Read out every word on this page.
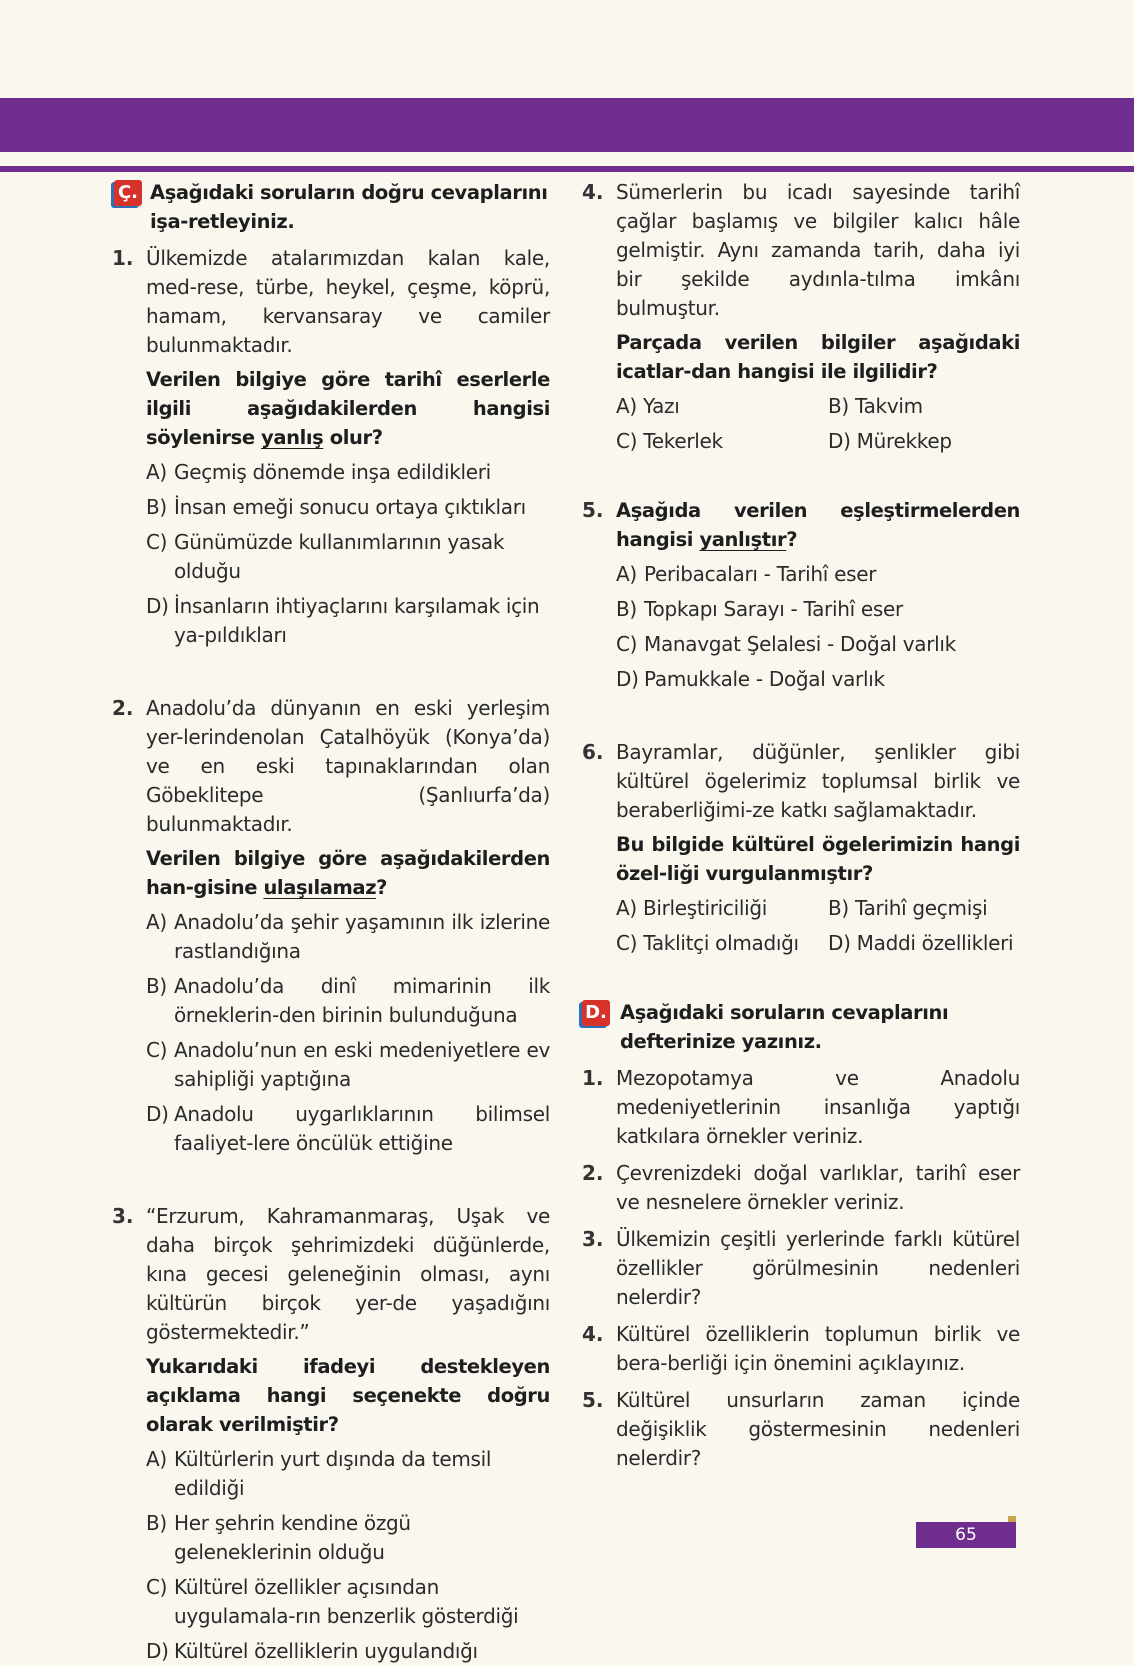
Ç. Aşağıdaki soruların doğru cevaplarını işa-retleyiniz.

1. Ülkemizde atalarımızdan kalan kale, med-rese, türbe, heykel, çeşme, köprü, hamam, kervansaray ve camiler bulunmaktadır.

Verilen bilgiye göre tarihî eserlerle ilgili aşağıdakilerden hangisi söylenirse yanlış olur?

A) Geçmiş dönemde inşa edildikleri
B) İnsan emeği sonucu ortaya çıktıkları
C) Günümüzde kullanımlarının yasak olduğu
D) İnsanların ihtiyaçlarını karşılamak için ya-pıldıkları
2. Anadolu’da dünyanın en eski yerleşim yer-lerindenolan Çatalhöyük (Konya’da) ve en eski tapınaklarından olan Göbeklitepe (Şanlıurfa’da) bulunmaktadır.

Verilen bilgiye göre aşağıdakilerden han-gisine ulaşılamaz?

A) Anadolu’da şehir yaşamının ilk izlerine rastlandığına
B) Anadolu’da dinî mimarinin ilk örneklerin-den birinin bulunduğuna
C) Anadolu’nun en eski medeniyetlere ev sahipliği yaptığına
D) Anadolu uygarlıklarının bilimsel faaliyet-lere öncülük ettiğine
3. “Erzurum, Kahramanmaraş, Uşak ve daha birçok şehrimizdeki düğünlerde, kına gecesi geleneğinin olması, aynı kültürün birçok yer-de yaşadığını göstermektedir.”

Yukarıdaki ifadeyi destekleyen açıklama hangi seçenekte doğru olarak verilmiştir?

A) Kültürlerin yurt dışında da temsil edildiği
B) Her şehrin kendine özgü geleneklerinin olduğu
C) Kültürel özellikler açısından uygulamala-rın benzerlik gösterdiği
D) Kültürel özelliklerin uygulandığı
4. Sümerlerin bu icadı sayesinde tarihî çağlar başlamış ve bilgiler kalıcı hâle gelmiştir. Aynı zamanda tarih, daha iyi bir şekilde aydınla-tılma imkânı bulmuştur.

Parçada verilen bilgiler aşağıdaki icatlar-dan hangisi ile ilgilidir?

A) Yazı	B) Takvim
C) Tekerlek	D) Mürekkep
5. Aşağıda verilen eşleştirmelerden hangisi yanlıştır?

A) Peribacaları - Tarihî eser
B) Topkapı Sarayı - Tarihî eser
C) Manavgat Şelalesi - Doğal varlık
D) Pamukkale - Doğal varlık
6. Bayramlar, düğünler, şenlikler gibi kültürel ögelerimiz toplumsal birlik ve beraberliğimi-ze katkı sağlamaktadır.

Bu bilgide kültürel ögelerimizin hangi özel-liği vurgulanmıştır?

A) Birleştiriciliği	B) Tarihî geçmişi
C) Taklitçi olmadığı	D) Maddi özellikleri
D. Aşağıdaki soruların cevaplarını defterinize yazınız.

1. Mezopotamya ve Anadolu medeniyetlerinin insanlığa yaptığı katkılara örnekler veriniz.

2. Çevrenizdeki doğal varlıklar, tarihî eser ve nesnelere örnekler veriniz.

3. Ülkemizin çeşitli yerlerinde farklı kütürel özellikler görülmesinin nedenleri nelerdir?

4. Kültürel özelliklerin toplumun birlik ve bera-berliği için önemini açıklayınız.

5. Kültürel unsurların zaman içinde değişiklik göstermesinin nedenleri nelerdir?

65
